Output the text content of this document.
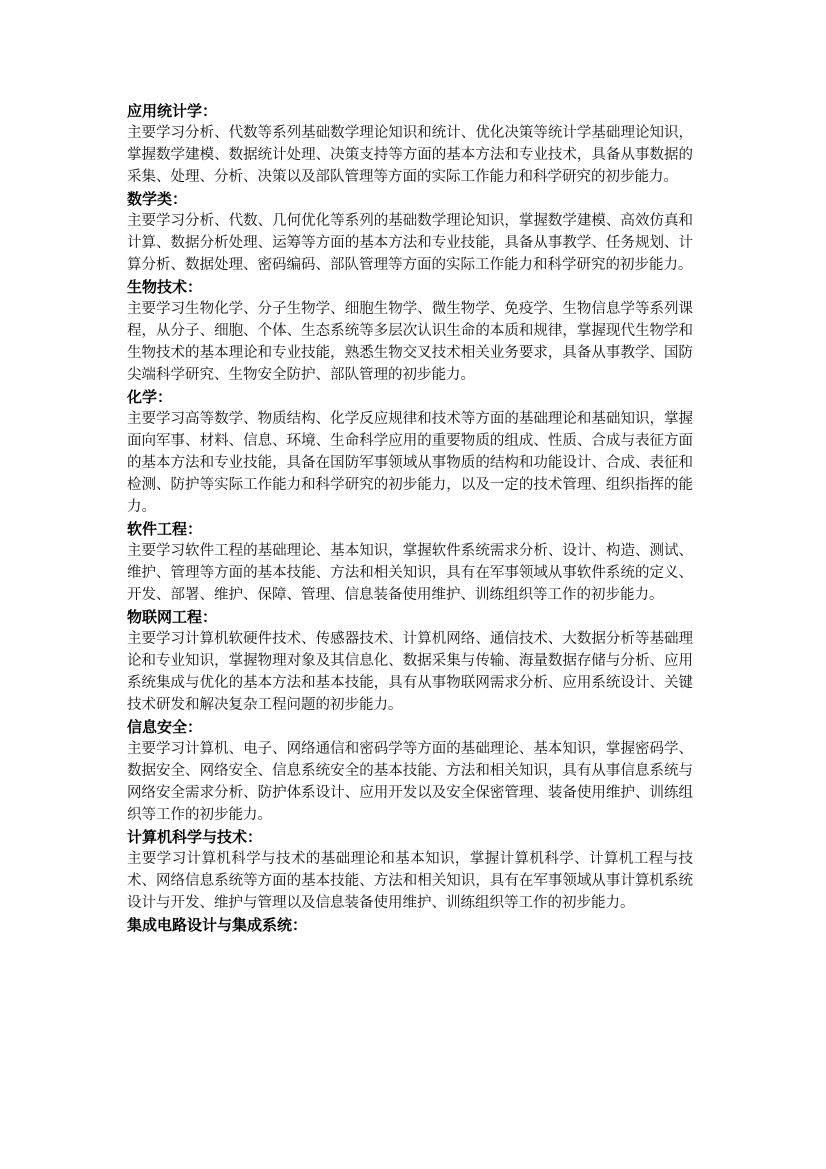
应用统计学：

主要学习分析、代数等系列基础数学理论知识和统计、优化决策等统计学基础理论知识，掌握数学建模、数据统计处理、决策支持等方面的基本方法和专业技术，具备从事数据的采集、处理、分析、决策以及部队管理等方面的实际工作能力和科学研究的初步能力。

数学类：

主要学习分析、代数、几何优化等系列的基础数学理论知识，掌握数学建模、高效仿真和计算、数据分析处理、运筹等方面的基本方法和专业技能，具备从事教学、任务规划、计算分析、数据处理、密码编码、部队管理等方面的实际工作能力和科学研究的初步能力。

生物技术：

主要学习生物化学、分子生物学、细胞生物学、微生物学、免疫学、生物信息学等系列课程，从分子、细胞、个体、生态系统等多层次认识生命的本质和规律，掌握现代生物学和生物技术的基本理论和专业技能，熟悉生物交叉技术相关业务要求，具备从事教学、国防尖端科学研究、生物安全防护、部队管理的初步能力。

化学：

主要学习高等数学、物质结构、化学反应规律和技术等方面的基础理论和基础知识，掌握面向军事、材料、信息、环境、生命科学应用的重要物质的组成、性质、合成与表征方面的基本方法和专业技能，具备在国防军事领域从事物质的结构和功能设计、合成、表征和检测、防护等实际工作能力和科学研究的初步能力，以及一定的技术管理、组织指挥的能力。

软件工程：

主要学习软件工程的基础理论、基本知识，掌握软件系统需求分析、设计、构造、测试、维护、管理等方面的基本技能、方法和相关知识，具有在军事领域从事软件系统的定义、开发、部署、维护、保障、管理、信息装备使用维护、训练组织等工作的初步能力。

物联网工程：

主要学习计算机软硬件技术、传感器技术、计算机网络、通信技术、大数据分析等基础理论和专业知识，掌握物理对象及其信息化、数据采集与传输、海量数据存储与分析、应用系统集成与优化的基本方法和基本技能，具有从事物联网需求分析、应用系统设计、关键技术研发和解决复杂工程问题的初步能力。

信息安全：

主要学习计算机、电子、网络通信和密码学等方面的基础理论、基本知识，掌握密码学、数据安全、网络安全、信息系统安全的基本技能、方法和相关知识，具有从事信息系统与网络安全需求分析、防护体系设计、应用开发以及安全保密管理、装备使用维护、训练组织等工作的初步能力。

计算机科学与技术：

主要学习计算机科学与技术的基础理论和基本知识，掌握计算机科学、计算机工程与技术、网络信息系统等方面的基本技能、方法和相关知识，具有在军事领域从事计算机系统设计与开发、维护与管理以及信息装备使用维护、训练组织等工作的初步能力。

集成电路设计与集成系统：
